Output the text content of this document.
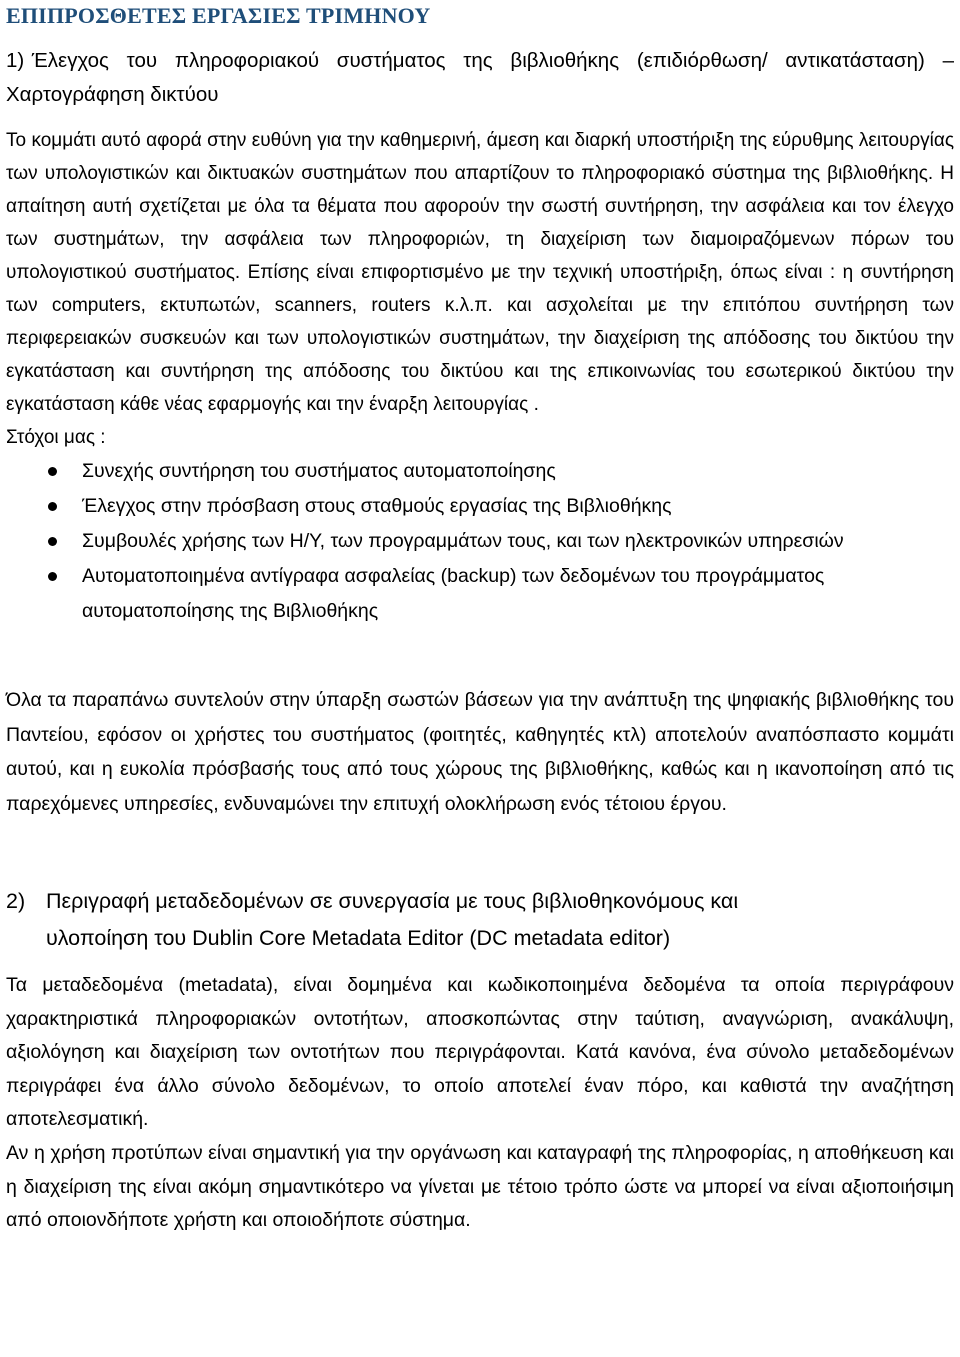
ΕΠΙΠΡΟΣΘΕΤΕΣ ΕΡΓΑΣΙΕΣ ΤΡΙΜΗΝΟΥ
1) Έλεγχος του πληροφοριακού συστήματος της βιβλιοθήκης (επιδιόρθωση/ αντικατάσταση) – Χαρτογράφηση δικτύου

Το κομμάτι αυτό αφορά στην ευθύνη για την καθημερινή, άμεση και διαρκή υποστήριξη της εύρυθμης λειτουργίας των υπολογιστικών και δικτυακών συστημάτων που απαρτίζουν το πληροφοριακό σύστημα της βιβλιοθήκης. Η απαίτηση αυτή σχετίζεται με όλα τα θέματα που αφορούν την σωστή συντήρηση, την ασφάλεια και τον έλεγχο των συστημάτων, την ασφάλεια των πληροφοριών, τη διαχείριση των διαμοιραζόμενων πόρων του υπολογιστικού συστήματος. Επίσης είναι επιφορτισμένο με την τεχνική υποστήριξη, όπως είναι : η συντήρηση των computers, εκτυπωτών, scanners, routers κ.λ.π. και ασχολείται με την επιτόπου συντήρηση των περιφερειακών συσκευών και των υπολογιστικών συστημάτων, την διαχείριση της απόδοσης του δικτύου την εγκατάσταση και συντήρηση της απόδοσης του δικτύου και της επικοινωνίας του εσωτερικού δικτύου την εγκατάσταση κάθε νέας εφαρμογής και την έναρξη λειτουργίας .

Στόχοι μας :

Συνεχής συντήρηση του συστήματος αυτοματοποίησης
Έλεγχος στην πρόσβαση στους σταθμούς εργασίας της Βιβλιοθήκης
Συμβουλές χρήσης των Η/Υ, των προγραμμάτων τους, και των ηλεκτρονικών υπηρεσιών
Αυτοματοποιημένα αντίγραφα ασφαλείας (backup) των δεδομένων του προγράμματος αυτοματοποίησης της Βιβλιοθήκης

Όλα τα παραπάνω συντελούν στην ύπαρξη σωστών βάσεων για την ανάπτυξη της ψηφιακής βιβλιοθήκης του Παντείου, εφόσον οι χρήστες του συστήματος (φοιτητές, καθηγητές κτλ) αποτελούν αναπόσπαστο κομμάτι αυτού, και η ευκολία πρόσβασής τους από τους χώρους της βιβλιοθήκης, καθώς και η ικανοποίηση από τις παρεχόμενες υπηρεσίες, ενδυναμώνει την επιτυχή ολοκλήρωση ενός τέτοιου έργου.

2) Περιγραφή μεταδεδομένων σε συνεργασία με τους βιβλιοθηκονόμους και
υλοποίηση του Dublin Core Metadata Editor (DC metadata editor)

Τα μεταδεδομένα (metadata), είναι δομημένα και κωδικοποιημένα δεδομένα τα οποία περιγράφουν χαρακτηριστικά πληροφοριακών οντοτήτων, αποσκοπώντας στην ταύτιση, αναγνώριση, ανακάλυψη, αξιολόγηση και διαχείριση των οντοτήτων που περιγράφονται. Κατά κανόνα, ένα σύνολο μεταδεδομένων περιγράφει ένα άλλο σύνολο δεδομένων, το οποίο αποτελεί έναν πόρο, και καθιστά την αναζήτηση αποτελεσματική.

Αν η χρήση προτύπων είναι σημαντική για την οργάνωση και καταγραφή της πληροφορίας, η αποθήκευση και η διαχείριση της είναι ακόμη σημαντικότερο να γίνεται με τέτοιο τρόπο ώστε να μπορεί να είναι αξιοποιήσιμη από οποιονδήποτε χρήστη και οποιοδήποτε σύστημα.
